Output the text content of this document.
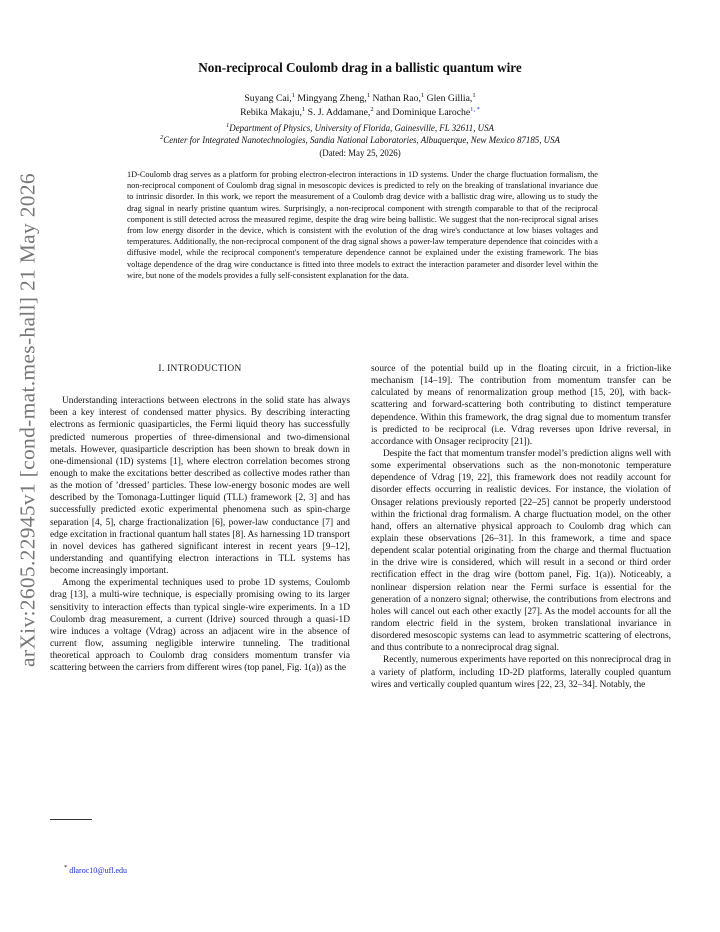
arXiv:2605.22945v1 [cond-mat.mes-hall] 21 May 2026
Non-reciprocal Coulomb drag in a ballistic quantum wire
Suyang Cai,$^1$ Mingyang Zheng,$^1$ Nathan Rao,$^1$ Glen Gillia,$^1$
Rebika Makaju,$^1$ S. J. Addamane,$^2$ and Dominique Laroche$^{1, *}$
$^1$Department of Physics, University of Florida, Gainesville, FL 32611, USA
$^2$Center for Integrated Nanotechnologies, Sandia National Laboratories, Albuquerque, New Mexico 87185, USA
(Dated: May 25, 2026)

1D-Coulomb drag serves as a platform for probing electron-electron interactions in 1D systems. Under the charge fluctuation formalism, the non-reciprocal component of Coulomb drag signal in mesoscopic devices is predicted to rely on the breaking of translational invariance due to intrinsic disorder. In this work, we report the measurement of a Coulomb drag device with a ballistic drag wire, allowing us to study the drag signal in nearly pristine quantum wires. Surprisingly, a non-reciprocal component with strength comparable to that of the reciprocal component is still detected across the measured regime, despite the drag wire being ballistic. We suggest that the non-reciprocal signal arises from low energy disorder in the device, which is consistent with the evolution of the drag wire's conductance at low biases voltages and temperatures. Additionally, the non-reciprocal component of the drag signal shows a power-law temperature dependence that coincides with a diffusive model, while the reciprocal component's temperature dependence cannot be explained under the existing framework. The bias voltage dependence of the drag wire conductance is fitted into three models to extract the interaction parameter and disorder level within the wire, but none of the models provides a fully self-consistent explanation for the data.

I. INTRODUCTION

Understanding interactions between electrons in the solid state has always been a key interest of condensed matter physics. By describing interacting electrons as fermionic quasiparticles, the Fermi liquid theory has successfully predicted numerous properties of three-dimensional and two-dimensional metals. However, quasiparticle description has been shown to break down in one-dimensional (1D) systems [1], where electron correlation becomes strong enough to make the excitations better described as collective modes rather than as the motion of ’dressed’ particles. These low-energy bosonic modes are well described by the Tomonaga-Luttinger liquid (TLL) framework [2, 3] and has successfully predicted exotic experimental phenomena such as spin-charge separation [4, 5], charge fractionalization [6], power-law conductance [7] and edge excitation in fractional quantum hall states [8]. As harnessing 1D transport in novel devices has gathered significant interest in recent years [9–12], understanding and quantifying electron interactions in TLL systems has become increasingly important.

Among the experimental techniques used to probe 1D systems, Coulomb drag [13], a multi-wire technique, is especially promising owing to its larger sensitivity to interaction effects than typical single-wire experiments. In a 1D Coulomb drag measurement, a current (Idrive) sourced through a quasi-1D wire induces a voltage (Vdrag) across an adjacent wire in the absence of current flow, assuming negligible interwire tunneling. The traditional theoretical approach to Coulomb drag considers momentum transfer via scattering between the carriers from different wires (top panel, Fig. 1(a)) as the

source of the potential build up in the floating circuit, in a friction-like mechanism [14–19]. The contribution from momentum transfer can be calculated by means of renormalization group method [15, 20], with back-scattering and forward-scattering both contributing to distinct temperature dependence. Within this framework, the drag signal due to momentum transfer is predicted to be reciprocal (i.e. Vdrag reverses upon Idrive reversal, in accordance with Onsager reciprocity [21]).

Despite the fact that momentum transfer model’s prediction aligns well with some experimental observations such as the non-monotonic temperature dependence of Vdrag [19, 22], this framework does not readily account for disorder effects occurring in realistic devices. For instance, the violation of Onsager relations previously reported [22–25] cannot be properly understood within the frictional drag formalism. A charge fluctuation model, on the other hand, offers an alternative physical approach to Coulomb drag which can explain these observations [26–31]. In this framework, a time and space dependent scalar potential originating from the charge and thermal fluctuation in the drive wire is considered, which will result in a second or third order rectification effect in the drag wire (bottom panel, Fig. 1(a)). Noticeably, a nonlinear dispersion relation near the Fermi surface is essential for the generation of a nonzero signal; otherwise, the contributions from electrons and holes will cancel out each other exactly [27]. As the model accounts for all the random electric field in the system, broken translational invariance in disordered mesoscopic systems can lead to asymmetric scattering of electrons, and thus contribute to a nonreciprocal drag signal.

Recently, numerous experiments have reported on this nonreciprocal drag in a variety of platform, including 1D-2D platforms, laterally coupled quantum wires and vertically coupled quantum wires [22, 23, 32–34]. Notably, the

* dlaroc10@ufl.edu
